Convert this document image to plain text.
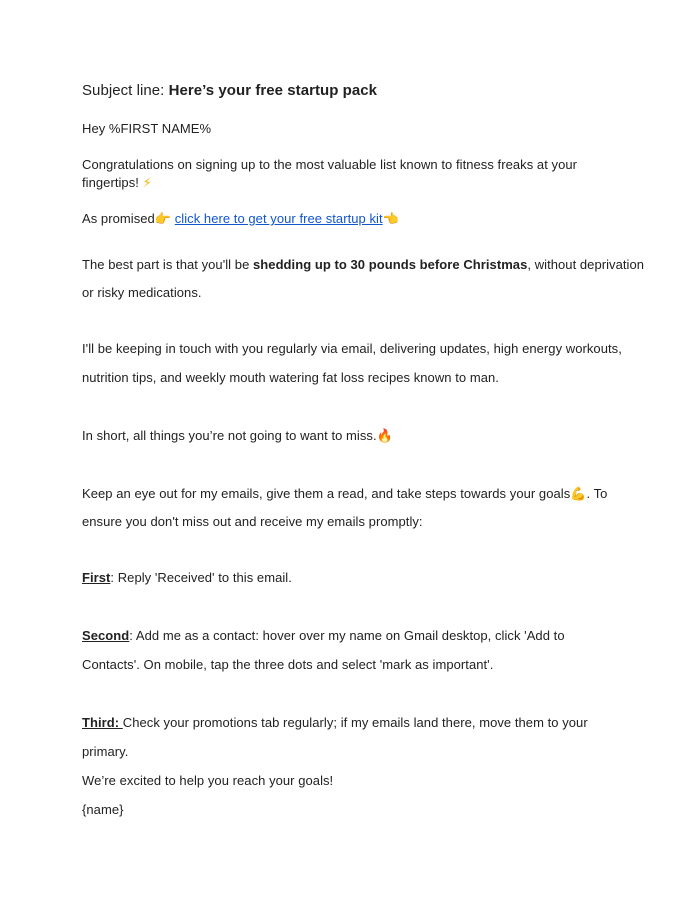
Subject line: Here’s your free startup pack
Hey %FIRST NAME%
Congratulations on signing up to the most valuable list known to fitness freaks at your
fingertips! ⚡
As promised👉 click here to get your free startup kit👈
The best part is that you'll be shedding up to 30 pounds before Christmas, without deprivation
or risky medications.
I'll be keeping in touch with you regularly via email, delivering updates, high energy workouts,
nutrition tips, and weekly mouth watering fat loss recipes known to man.
In short, all things you’re not going to want to miss.🔥
Keep an eye out for my emails, give them a read, and take steps towards your goals💪. To
ensure you don't miss out and receive my emails promptly:
First: Reply 'Received' to this email.
Second: Add me as a contact: hover over my name on Gmail desktop, click 'Add to
Contacts'. On mobile, tap the three dots and select 'mark as important'.
Third: Check your promotions tab regularly; if my emails land there, move them to your
primary.
We’re excited to help you reach your goals!
{name}
